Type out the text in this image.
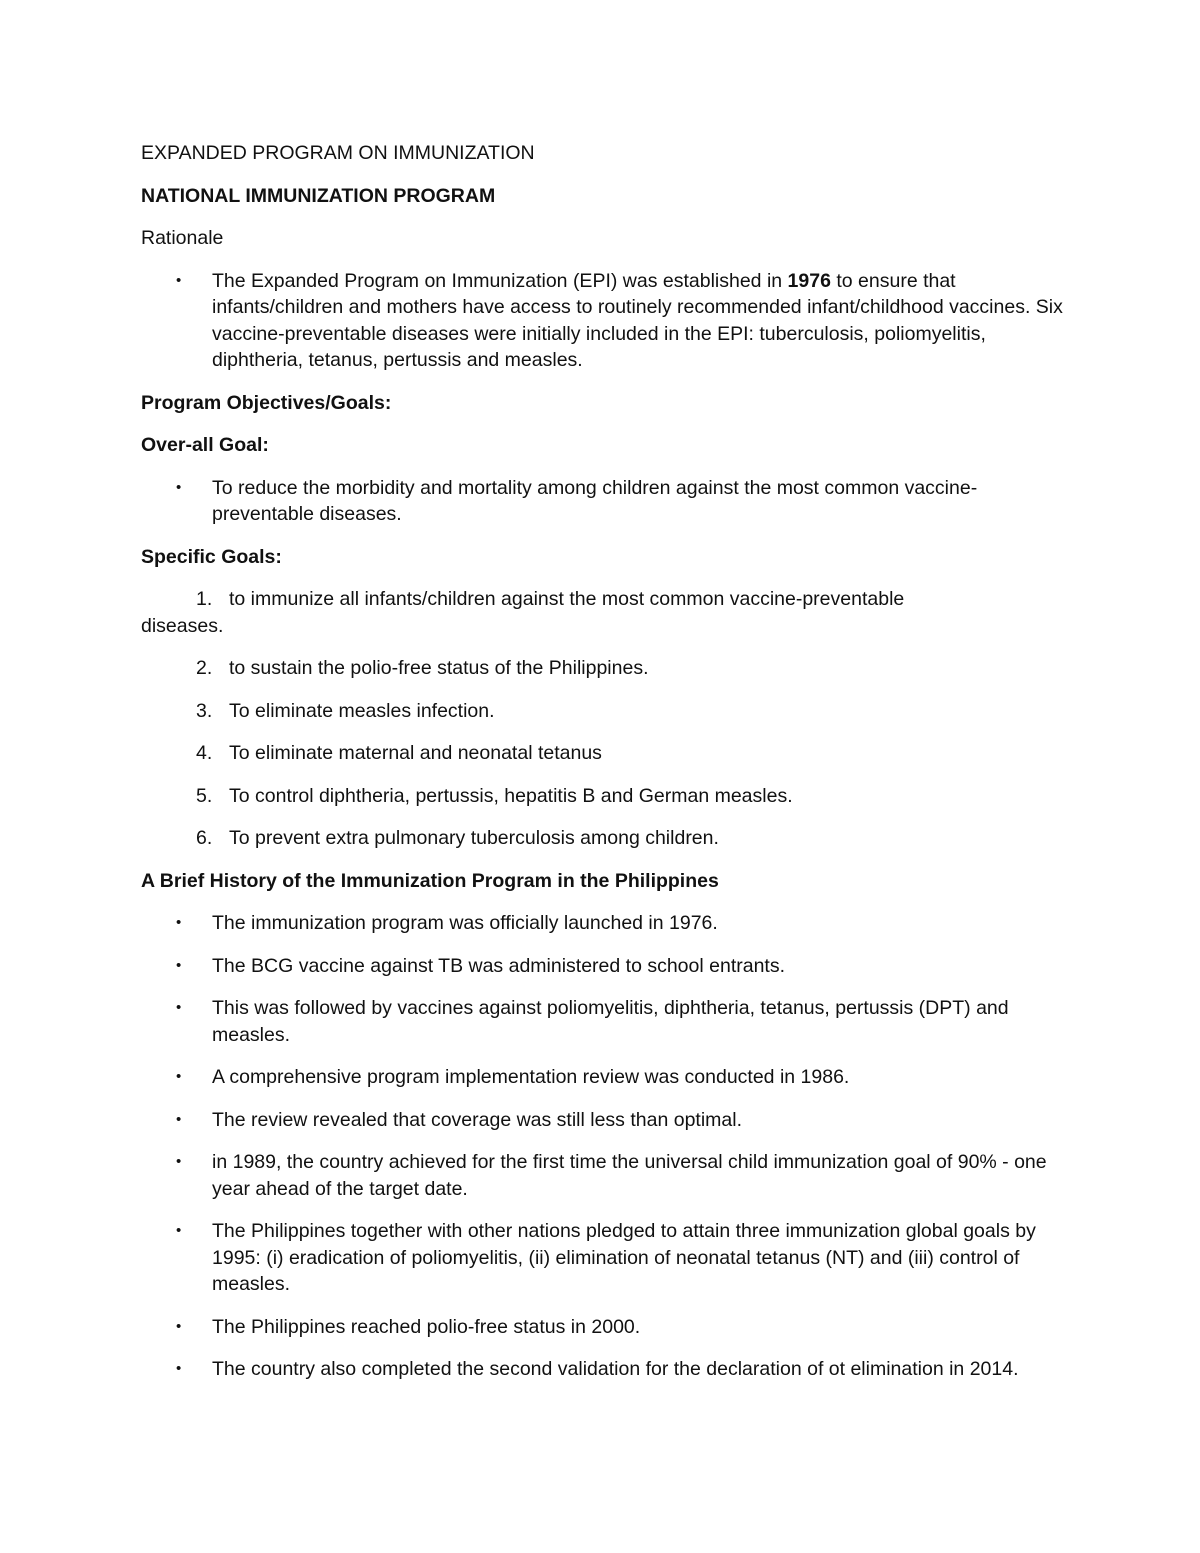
EXPANDED PROGRAM ON IMMUNIZATION

NATIONAL IMMUNIZATION PROGRAM

Rationale

• The Expanded Program on Immunization (EPI) was established in 1976 to ensure that infants/children and mothers have access to routinely recommended infant/childhood vaccines. Six vaccine-preventable diseases were initially included in the EPI: tuberculosis, poliomyelitis, diphtheria, tetanus, pertussis and measles.

Program Objectives/Goals:

Over-all Goal:

• To reduce the morbidity and mortality among children against the most common vaccine-preventable diseases.

Specific Goals:

1. to immunize all infants/children against the most common vaccine-preventable
diseases.
2. to sustain the polio-free status of the Philippines.
3. To eliminate measles infection.
4. To eliminate maternal and neonatal tetanus
5. To control diphtheria, pertussis, hepatitis B and German measles.
6. To prevent extra pulmonary tuberculosis among children.

A Brief History of the Immunization Program in the Philippines

• The immunization program was officially launched in 1976.
• The BCG vaccine against TB was administered to school entrants.
• This was followed by vaccines against poliomyelitis, diphtheria, tetanus, pertussis (DPT) and measles.
• A comprehensive program implementation review was conducted in 1986.
• The review revealed that coverage was still less than optimal.
• in 1989, the country achieved for the first time the universal child immunization goal of 90% - one year ahead of the target date.
• The Philippines together with other nations pledged to attain three immunization global goals by 1995: (i) eradication of poliomyelitis, (ii) elimination of neonatal tetanus (NT) and (iii) control of measles.
• The Philippines reached polio-free status in 2000.
• The country also completed the second validation for the declaration of ot elimination in 2014.
